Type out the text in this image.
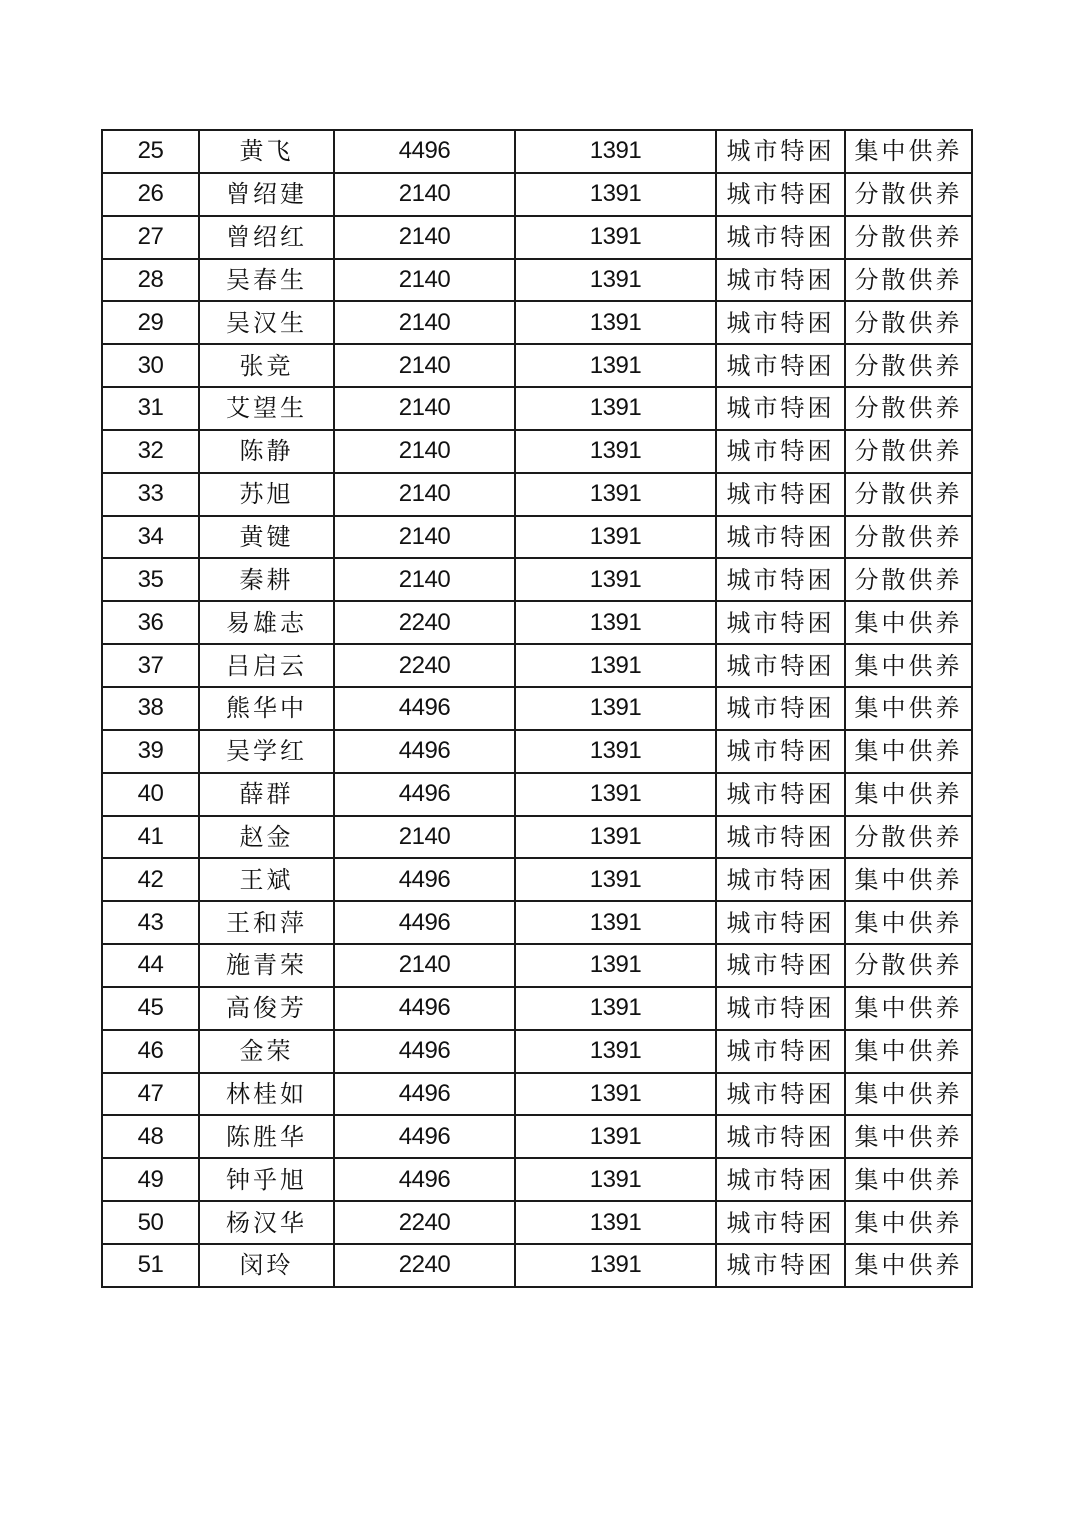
25	黄飞	4496	1391	城市特困	集中供养
26	曾绍建	2140	1391	城市特困	分散供养
27	曾绍红	2140	1391	城市特困	分散供养
28	吴春生	2140	1391	城市特困	分散供养
29	吴汉生	2140	1391	城市特困	分散供养
30	张竞	2140	1391	城市特困	分散供养
31	艾望生	2140	1391	城市特困	分散供养
32	陈静	2140	1391	城市特困	分散供养
33	苏旭	2140	1391	城市特困	分散供养
34	黄键	2140	1391	城市特困	分散供养
35	秦耕	2140	1391	城市特困	分散供养
36	易雄志	2240	1391	城市特困	集中供养
37	吕启云	2240	1391	城市特困	集中供养
38	熊华中	4496	1391	城市特困	集中供养
39	吴学红	4496	1391	城市特困	集中供养
40	薛群	4496	1391	城市特困	集中供养
41	赵金	2140	1391	城市特困	分散供养
42	王斌	4496	1391	城市特困	集中供养
43	王和萍	4496	1391	城市特困	集中供养
44	施青荣	2140	1391	城市特困	分散供养
45	高俊芳	4496	1391	城市特困	集中供养
46	金荣	4496	1391	城市特困	集中供养
47	林桂如	4496	1391	城市特困	集中供养
48	陈胜华	4496	1391	城市特困	集中供养
49	钟乎旭	4496	1391	城市特困	集中供养
50	杨汉华	2240	1391	城市特困	集中供养
51	闵玲	2240	1391	城市特困	集中供养
